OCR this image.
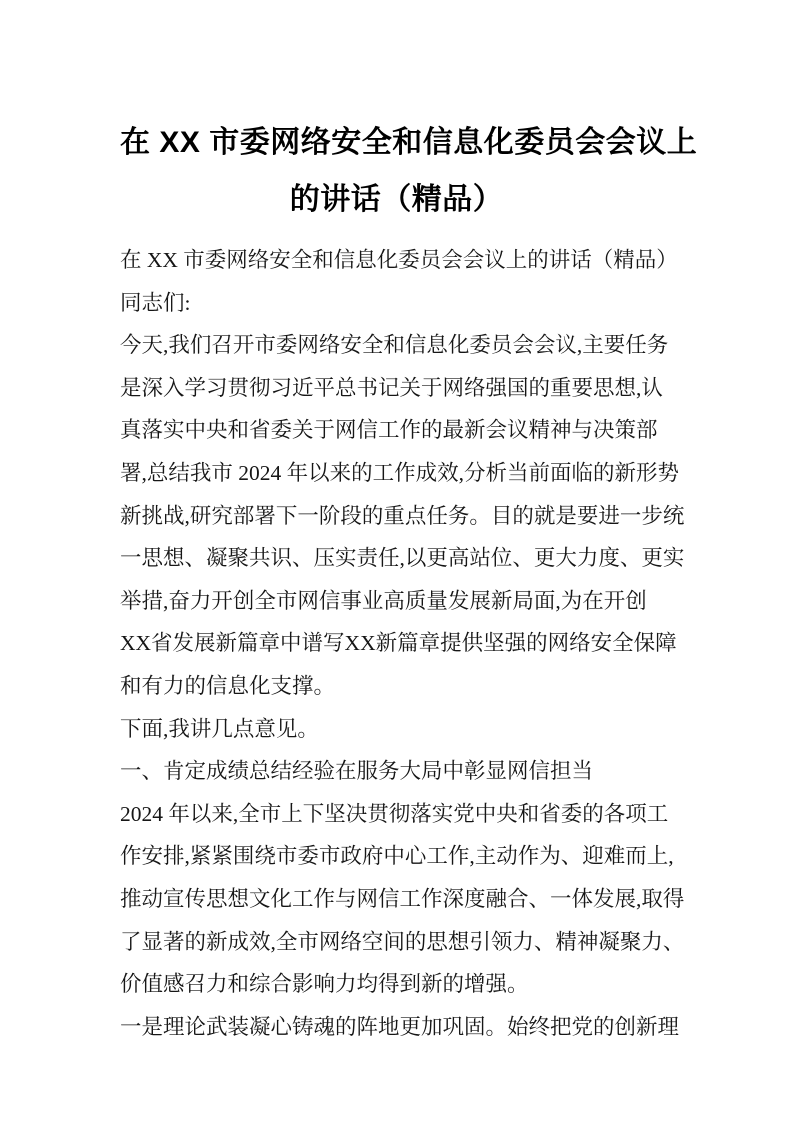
在 XX 市委网络安全和信息化委员会会议上
的讲话（精品）
在 XX 市委网络安全和信息化委员会会议上的讲话（精品）
同志们:
今天,我们召开市委网络安全和信息化委员会会议,主要任务
是深入学习贯彻习近平总书记关于网络强国的重要思想,认
真落实中央和省委关于网信工作的最新会议精神与决策部
署,总结我市 2024 年以来的工作成效,分析当前面临的新形势
新挑战,研究部署下一阶段的重点任务。目的就是要进一步统
一思想、凝聚共识、压实责任,以更高站位、更大力度、更实
举措,奋力开创全市网信事业高质量发展新局面,为在开创
XX省发展新篇章中谱写XX新篇章提供坚强的网络安全保障
和有力的信息化支撑。
下面,我讲几点意见。
一、肯定成绩总结经验在服务大局中彰显网信担当
2024 年以来,全市上下坚决贯彻落实党中央和省委的各项工
作安排,紧紧围绕市委市政府中心工作,主动作为、迎难而上,
推动宣传思想文化工作与网信工作深度融合、一体发展,取得
了显著的新成效,全市网络空间的思想引领力、精神凝聚力、
价值感召力和综合影响力均得到新的增强。
一是理论武装凝心铸魂的阵地更加巩固。始终把党的创新理
